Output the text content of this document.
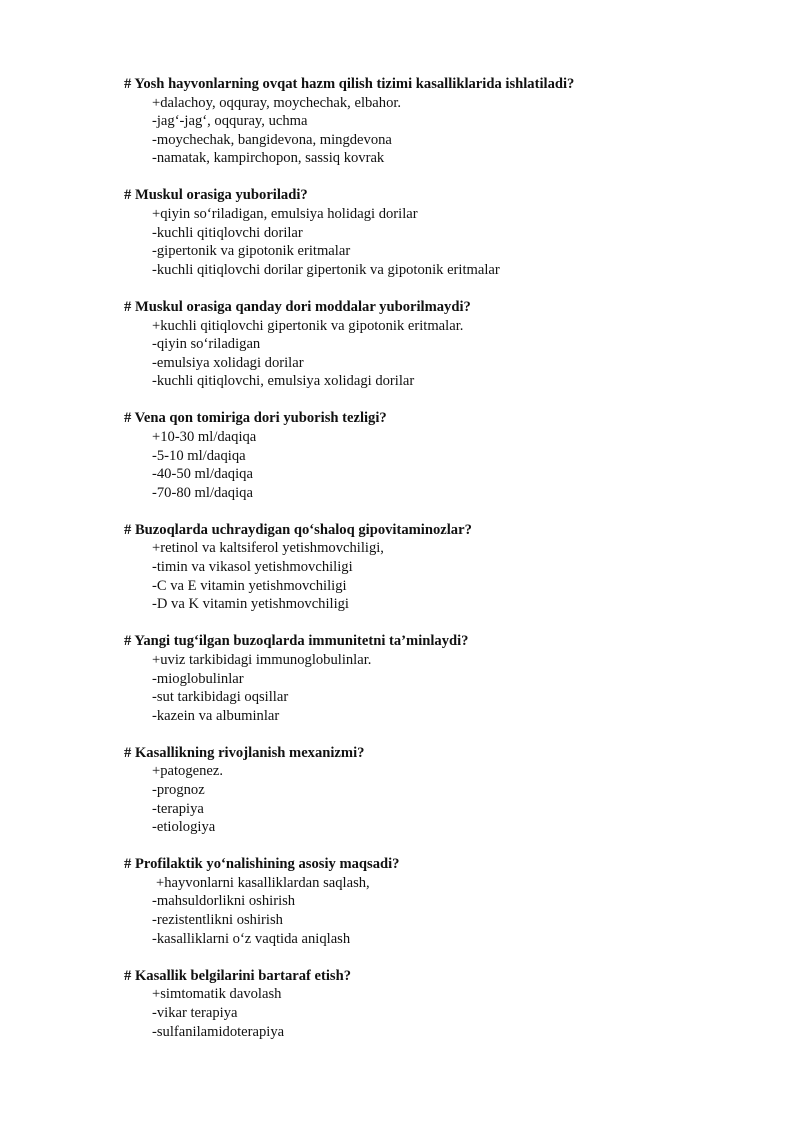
# Yosh hayvonlarning ovqat hazm qilish tizimi kasalliklarida ishlatiladi?
+dalachoy, oqquray, moychechak, elbahor.
-jag‘-jag‘, oqquray, uchma
-moychechak, bangidevona, mingdevona
-namatak, kampirchopon, sassiq kovrak
# Muskul orasiga yuboriladi?
+qiyin so‘riladigan, emulsiya holidagi dorilar
-kuchli qitiqlovchi dorilar
-gipertonik va gipotonik eritmalar
-kuchli qitiqlovchi dorilar gipertonik va gipotonik eritmalar
# Muskul orasiga qanday dori moddalar yuborilmaydi?
+kuchli qitiqlovchi gipertonik va gipotonik eritmalar.
-qiyin so‘riladigan
-emulsiya xolidagi dorilar
-kuchli qitiqlovchi, emulsiya xolidagi dorilar
# Vena qon tomiriga dori yuborish tezligi?
+10-30 ml/daqiqa
-5-10 ml/daqiqa
-40-50 ml/daqiqa
-70-80 ml/daqiqa
# Buzoqlarda uchraydigan qo‘shaloq gipovitaminozlar?
+retinol va kaltsiferol yetishmovchiligi,
-timin va vikasol yetishmovchiligi
-C va E vitamin yetishmovchiligi
-D va K vitamin yetishmovchiligi
# Yangi tug‘ilgan buzoqlarda immunitetni ta’minlaydi?
+uviz tarkibidagi immunoglobulinlar.
-mioglobulinlar
-sut tarkibidagi oqsillar
-kazein va albuminlar
# Kasallikning rivojlanish mexanizmi?
+patogenez.
-prognoz
-terapiya
-etiologiya
# Profilaktik yo‘nalishining asosiy maqsadi?
+hayvonlarni kasalliklardan saqlash,
-mahsuldorlikni oshirish
-rezistentlikni oshirish
-kasalliklarni o‘z vaqtida aniqlash
# Kasallik belgilarini bartaraf etish?
+simtomatik davolash
-vikar terapiya
-sulfanilamidoterapiya
